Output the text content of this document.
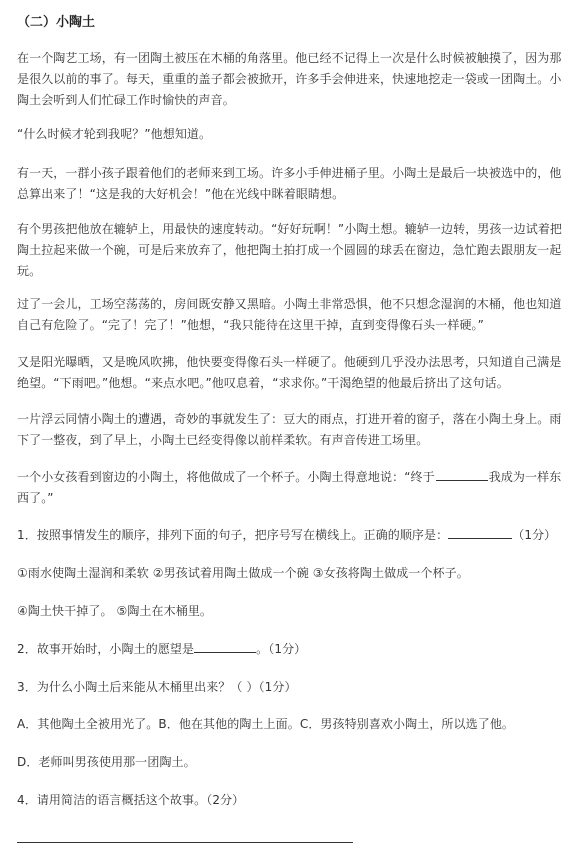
（二）小陶土

在一个陶艺工场，有一团陶土被压在木桶的角落里。他已经不记得上一次是什么时候被触摸了，因为那是很久以前的事了。每天，重重的盖子都会被掀开，许多手会伸进来，快速地挖走一袋或一团陶土。小陶土会听到人们忙碌工作时愉快的声音。

“什么时候才轮到我呢？”他想知道。

有一天，一群小孩子跟着他们的老师来到工场。许多小手伸进桶子里。小陶土是最后一块被选中的，他总算出来了！“这是我的大好机会！”他在光线中眯着眼睛想。

有个男孩把他放在辘轳上，用最快的速度转动。“好好玩啊！”小陶土想。辘轳一边转，男孩一边试着把陶土拉起来做一个碗，可是后来放弃了，他把陶土拍打成一个圆圆的球丢在窗边，急忙跑去跟朋友一起玩。

过了一会儿，工场空荡荡的，房间既安静又黑暗。小陶土非常恐惧，他不只想念湿润的木桶，他也知道自己有危险了。“完了！完了！”他想，“我只能待在这里干掉，直到变得像石头一样硬。”

又是阳光曝晒，又是晚风吹拂，他快要变得像石头一样硬了。他硬到几乎没办法思考，只知道自己满是绝望。“下雨吧。”他想。“来点水吧。”他叹息着，“求求你。”干渴绝望的他最后挤出了这句话。

一片浮云同情小陶土的遭遇，奇妙的事就发生了：豆大的雨点，打进开着的窗子，落在小陶土身上。雨下了一整夜，到了早上，小陶土已经变得像以前样柔软。有声音传进工场里。

一个小女孩看到窗边的小陶土，将他做成了一个杯子。小陶土得意地说：“终于	我成为一样东西了。”

1．按照事情发生的顺序，排列下面的句子，把序号写在横线上。正确的顺序是：	（1分）

①雨水使陶土湿润和柔软 ②男孩试着用陶土做成一个碗 ③女孩将陶土做成一个杯子。

④陶土快干掉了。 ⑤陶土在木桶里。

2．故事开始时，小陶土的愿望是	。（1分）

3．为什么小陶土后来能从木桶里出来？（ ）（1分）

A．其他陶土全被用光了。B．他在其他的陶土上面。C．男孩特别喜欢小陶土，所以选了他。

D．老师叫男孩使用那一团陶土。

4．请用简洁的语言概括这个故事。（2分）
